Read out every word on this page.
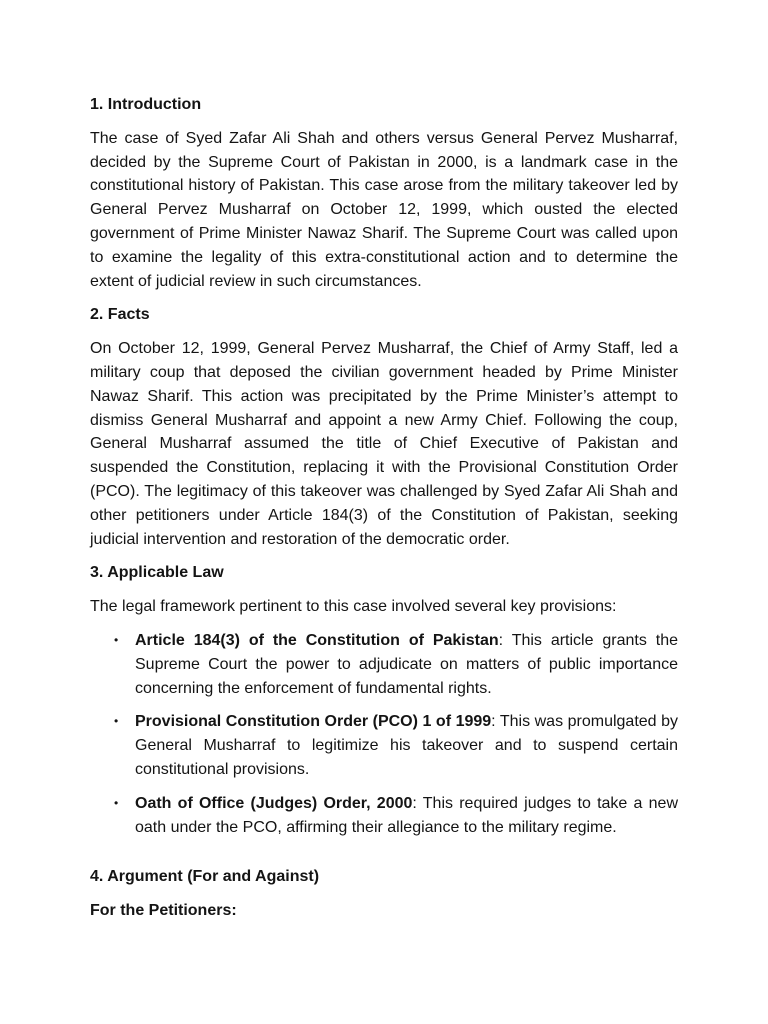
1. Introduction

The case of Syed Zafar Ali Shah and others versus General Pervez Musharraf, decided by the Supreme Court of Pakistan in 2000, is a landmark case in the constitutional history of Pakistan. This case arose from the military takeover led by General Pervez Musharraf on October 12, 1999, which ousted the elected government of Prime Minister Nawaz Sharif. The Supreme Court was called upon to examine the legality of this extra-constitutional action and to determine the extent of judicial review in such circumstances.

2. Facts

On October 12, 1999, General Pervez Musharraf, the Chief of Army Staff, led a military coup that deposed the civilian government headed by Prime Minister Nawaz Sharif. This action was precipitated by the Prime Minister’s attempt to dismiss General Musharraf and appoint a new Army Chief. Following the coup, General Musharraf assumed the title of Chief Executive of Pakistan and suspended the Constitution, replacing it with the Provisional Constitution Order (PCO). The legitimacy of this takeover was challenged by Syed Zafar Ali Shah and other petitioners under Article 184(3) of the Constitution of Pakistan, seeking judicial intervention and restoration of the democratic order.

3. Applicable Law

The legal framework pertinent to this case involved several key provisions:

• Article 184(3) of the Constitution of Pakistan: This article grants the Supreme Court the power to adjudicate on matters of public importance concerning the enforcement of fundamental rights.
• Provisional Constitution Order (PCO) 1 of 1999: This was promulgated by General Musharraf to legitimize his takeover and to suspend certain constitutional provisions.
• Oath of Office (Judges) Order, 2000: This required judges to take a new oath under the PCO, affirming their allegiance to the military regime.
4. Argument (For and Against)
For the Petitioners:
